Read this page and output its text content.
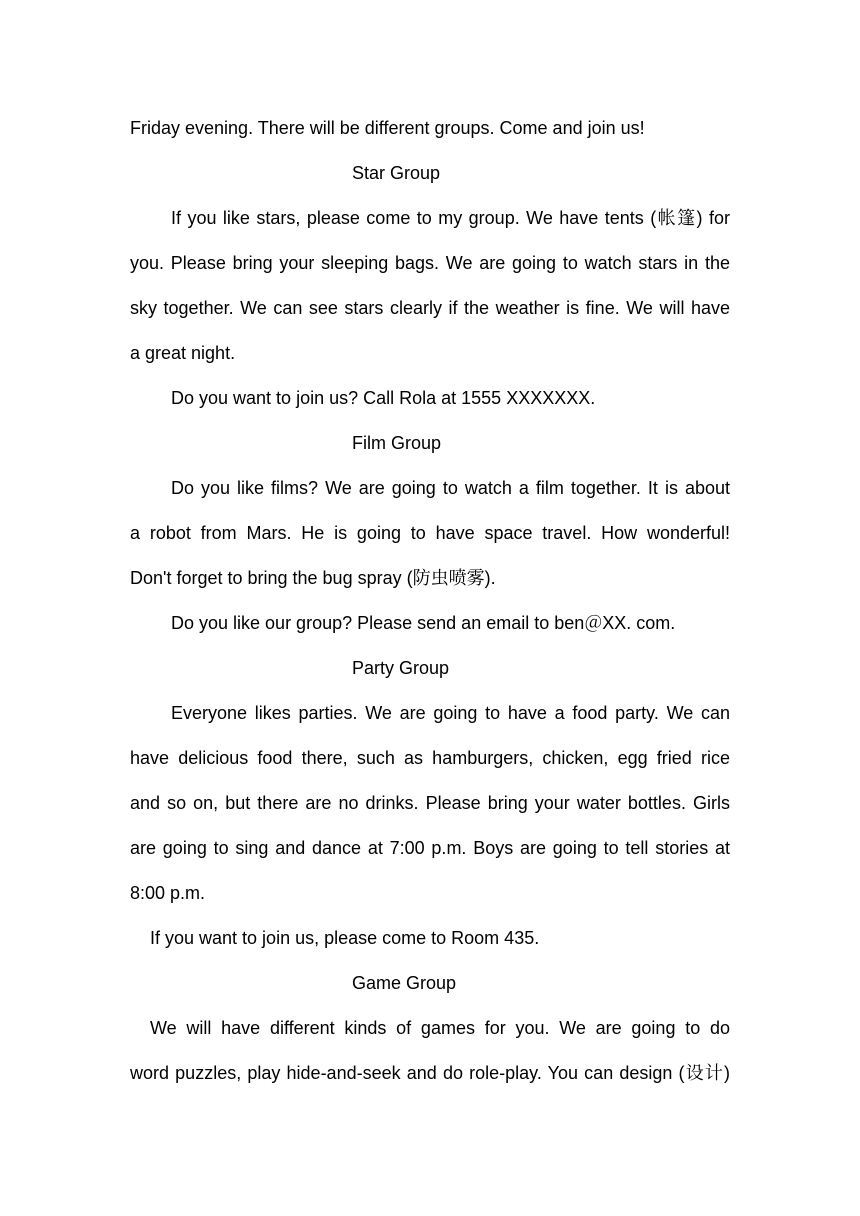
Friday evening. There will be different groups. Come and join us!
Star Group
If you like stars, please come to my group. We have tents (帐篷) for
you. Please bring your sleeping bags. We are going to watch stars in the
sky together. We can see stars clearly if the weather is fine. We will have
a great night.
Do you want to join us? Call Rola at 1555 XXXXXXX.
Film Group
Do you like films? We are going to watch a film together. It is about
a robot from Mars. He is going to have space travel. How wonderful!
Don't forget to bring the bug spray (防虫喷雾).
Do you like our group? Please send an email to ben＠XX. com.
Party Group
Everyone likes parties. We are going to have a food party. We can
have delicious food there, such as hamburgers, chicken, egg fried rice
and so on, but there are no drinks. Please bring your water bottles. Girls
are going to sing and dance at 7:00 p.m. Boys are going to tell stories at
8:00 p.m.
If you want to join us, please come to Room 435.
Game Group
We will have different kinds of games for you. We are going to do
word puzzles, play hide-and-seek and do role-play. You can design (设计)
